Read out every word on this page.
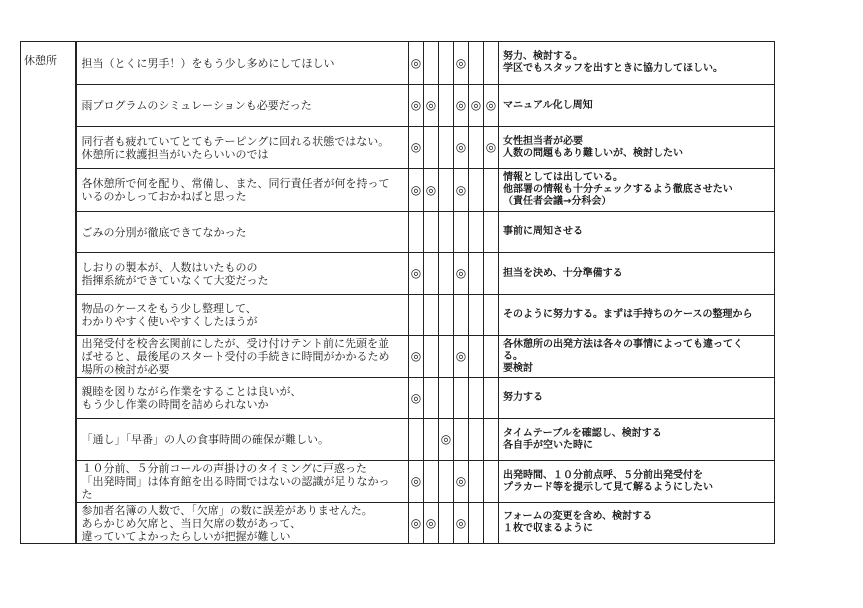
休憩所	担当（とくに男手！）をもう少し多めにしてほしい	◎			◎			努力、検討する。
学区でもスタッフを出すときに協力してほしい。
	雨プログラムのシミュレーションも必要だった	◎	◎		◎	◎	◎	マニュアル化し周知
	同行者も疲れていてとてもテーピングに回れる状態ではない。
休憩所に救護担当がいたらいいのでは	◎			◎		◎	女性担当者が必要
人数の問題もあり難しいが、検討したい
	各休憩所で何を配り、常備し、また、同行責任者が何を持って
いるのかしっておかねばと思った	◎	◎		◎			情報としては出している。
他部署の情報も十分チェックするよう徹底させたい
（責任者会議→分科会）
	ごみの分別が徹底できてなかった							事前に周知させる
	しおりの製本が、人数はいたものの
指揮系統ができていなくて大変だった	◎			◎			担当を決め、十分準備する
	物品のケースをもう少し整理して、
わかりやすく使いやすくしたほうが							そのように努力する。まずは手持ちのケースの整理から
	出発受付を校舎玄関前にしたが、受け付けテント前に先頭を並
ばせると、最後尾のスタート受付の手続きに時間がかかるため
場所の検討が必要	◎			◎			各休憩所の出発方法は各々の事情によっても違ってく
る。
要検討
	親睦を図りながら作業をすることは良いが、
もう少し作業の時間を詰められないか	◎						努力する
	「通し」「早番」の人の食事時間の確保が難しい。			◎				タイムテーブルを確認し、検討する
各自手が空いた時に
	１０分前、５分前コールの声掛けのタイミングに戸惑った
「出発時間」は体育館を出る時間ではないの認識が足りなかっ
た	◎			◎			出発時間、１０分前点呼、５分前出発受付を
プラカード等を提示して見て解るようにしたい
	参加者名簿の人数で、「欠席」の数に誤差がありませんた。
あらかじめ欠席と、当日欠席の数があって、
違っていてよかったらしいが把握が難しい	◎	◎		◎			フォームの変更を含め、検討する
１枚で収まるように
